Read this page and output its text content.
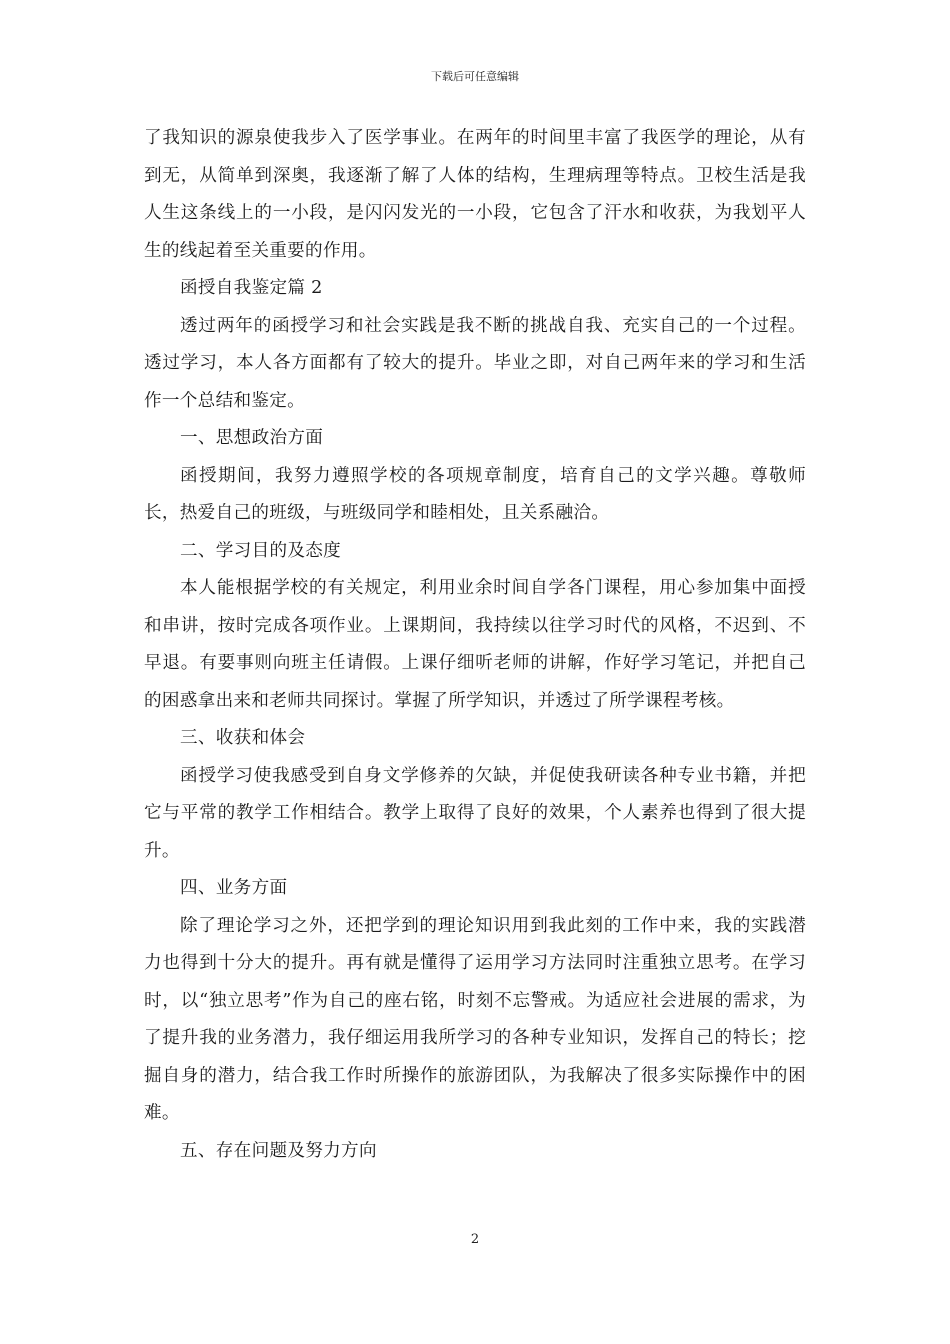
下载后可任意编辑

了我知识的源泉使我步入了医学事业。在两年的时间里丰富了我医学的理论，从有到无，从简单到深奥，我逐渐了解了人体的结构，生理病理等特点。卫校生活是我人生这条线上的一小段，是闪闪发光的一小段，它包含了汗水和收获，为我划平人生的线起着至关重要的作用。

函授自我鉴定篇 2

透过两年的函授学习和社会实践是我不断的挑战自我、充实自己的一个过程。透过学习，本人各方面都有了较大的提升。毕业之即，对自己两年来的学习和生活作一个总结和鉴定。

一、思想政治方面

函授期间，我努力遵照学校的各项规章制度，培育自己的文学兴趣。尊敬师长，热爱自己的班级，与班级同学和睦相处，且关系融洽。

二、学习目的及态度

本人能根据学校的有关规定，利用业余时间自学各门课程，用心参加集中面授和串讲，按时完成各项作业。上课期间，我持续以往学习时代的风格，不迟到、不早退。有要事则向班主任请假。上课仔细听老师的讲解，作好学习笔记，并把自己的困惑拿出来和老师共同探讨。掌握了所学知识，并透过了所学课程考核。

三、收获和体会

函授学习使我感受到自身文学修养的欠缺，并促使我研读各种专业书籍，并把它与平常的教学工作相结合。教学上取得了良好的效果，个人素养也得到了很大提升。

四、业务方面

除了理论学习之外，还把学到的理论知识用到我此刻的工作中来，我的实践潜力也得到十分大的提升。再有就是懂得了运用学习方法同时注重独立思考。在学习时，以“独立思考”作为自己的座右铭，时刻不忘警戒。为适应社会进展的需求，为了提升我的业务潜力，我仔细运用我所学习的各种专业知识，发挥自己的特长；挖掘自身的潜力，结合我工作时所操作的旅游团队，为我解决了很多实际操作中的困难。

五、存在问题及努力方向

2
